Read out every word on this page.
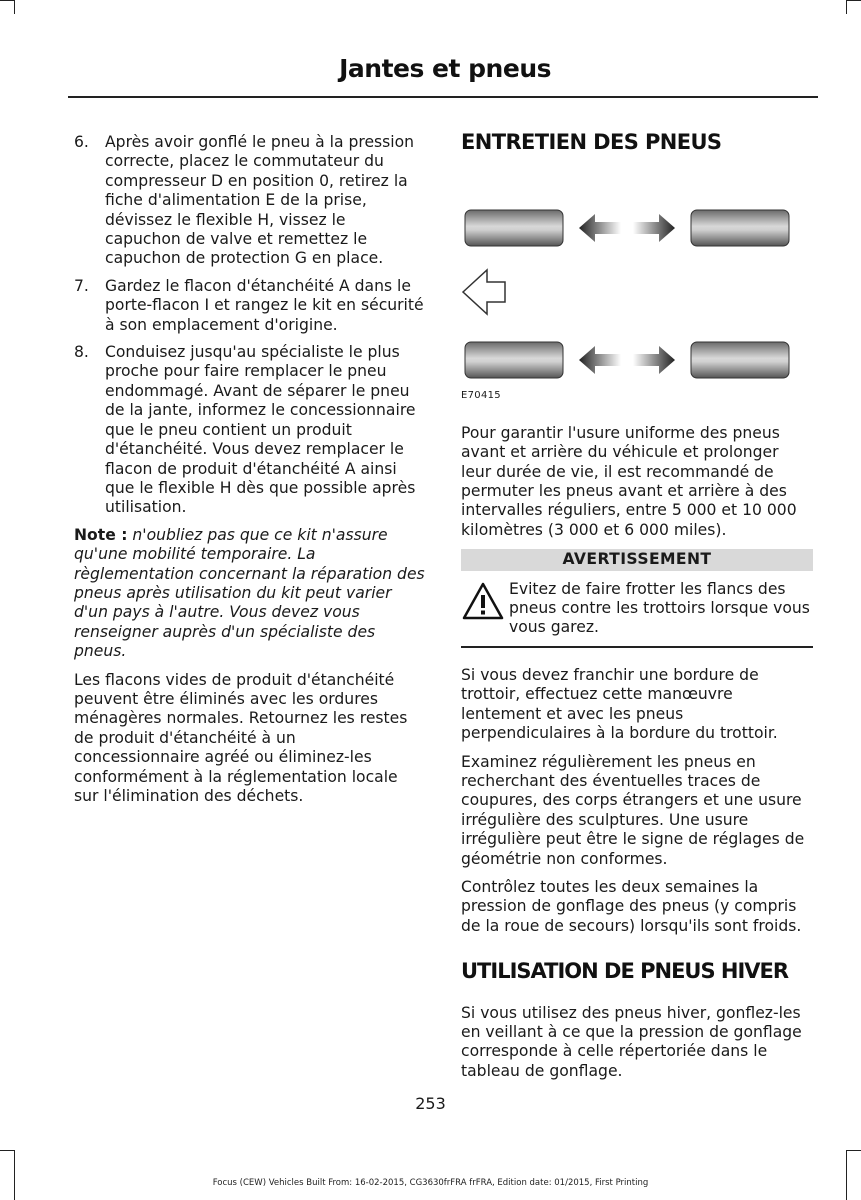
Jantes et pneus
6. Après avoir gonflé le pneu à la pression correcte, placez le commutateur du compresseur D en position 0, retirez la fiche d'alimentation E de la prise, dévissez le flexible H, vissez le capuchon de valve et remettez le capuchon de protection G en place.
7. Gardez le flacon d'étanchéité A dans le porte-flacon I et rangez le kit en sécurité à son emplacement d'origine.
8. Conduisez jusqu'au spécialiste le plus proche pour faire remplacer le pneu endommagé. Avant de séparer le pneu de la jante, informez le concessionnaire que le pneu contient un produit d'étanchéité. Vous devez remplacer le flacon de produit d'étanchéité A ainsi que le flexible H dès que possible après utilisation.

Note : n'oubliez pas que ce kit n'assure qu'une mobilité temporaire. La règlementation concernant la réparation des pneus après utilisation du kit peut varier d'un pays à l'autre. Vous devez vous renseigner auprès d'un spécialiste des pneus.

Les flacons vides de produit d'étanchéité peuvent être éliminés avec les ordures ménagères normales. Retournez les restes de produit d'étanchéité à un concessionnaire agréé ou éliminez-les conformément à la réglementation locale sur l'élimination des déchets.

ENTRETIEN DES PNEUS
E70415

Pour garantir l'usure uniforme des pneus avant et arrière du véhicule et prolonger leur durée de vie, il est recommandé de permuter les pneus avant et arrière à des intervalles réguliers, entre 5 000 et 10 000 kilomètres (3 000 et 6 000 miles).

AVERTISSEMENT
Evitez de faire frotter les flancs des pneus contre les trottoirs lorsque vous vous garez.

Si vous devez franchir une bordure de trottoir, effectuez cette manœuvre lentement et avec les pneus perpendiculaires à la bordure du trottoir.

Examinez régulièrement les pneus en recherchant des éventuelles traces de coupures, des corps étrangers et une usure irrégulière des sculptures. Une usure irrégulière peut être le signe de réglages de géométrie non conformes.

Contrôlez toutes les deux semaines la pression de gonflage des pneus (y compris de la roue de secours) lorsqu'ils sont froids.

UTILISATION DE PNEUS HIVER

Si vous utilisez des pneus hiver, gonflez-les en veillant à ce que la pression de gonflage corresponde à celle répertoriée dans le tableau de gonflage.

253
Focus (CEW) Vehicles Built From: 16-02-2015, CG3630frFRA frFRA, Edition date: 01/2015, First Printing
